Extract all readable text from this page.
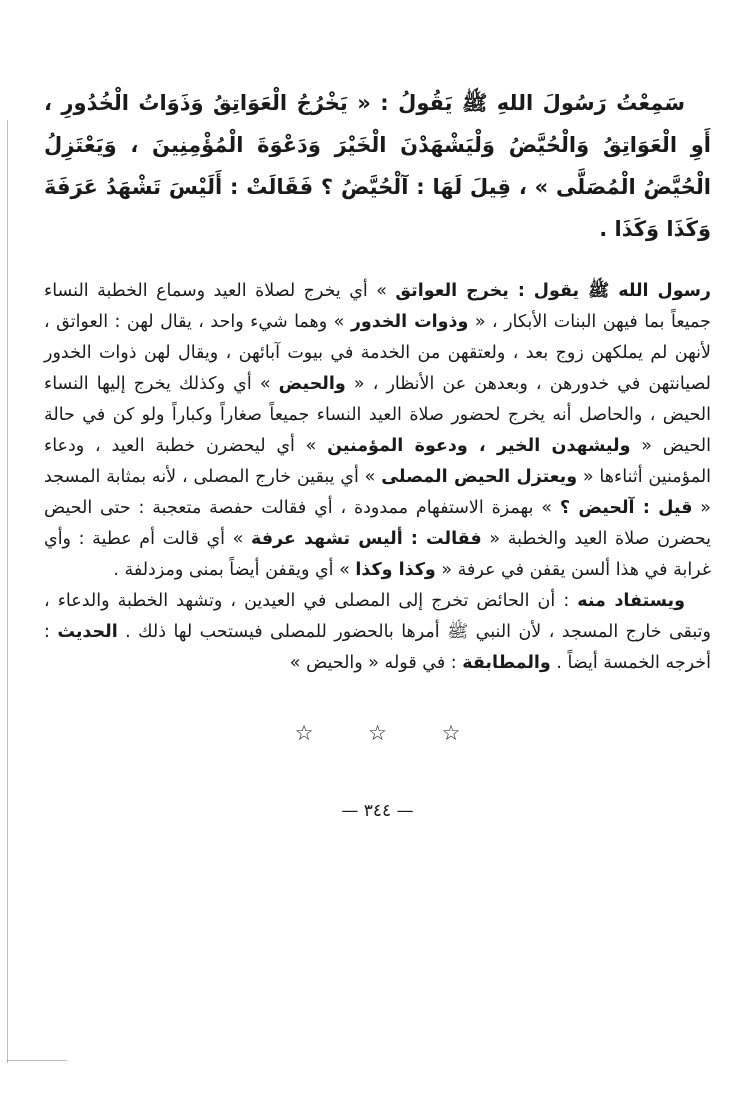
سَمِعْتُ رَسُولَ اللهِ ﷺ يَقُولُ : « يَخْرُجُ الْعَوَاتِقُ وَذَوَاتُ الْخُدُورِ ، أَوِ الْعَوَاتِقُ وَالْحُيَّضُ وَلْيَشْهَدْنَ الْخَيْرَ وَدَعْوَةَ الْمُؤْمِنِينَ ، وَيَعْتَزِلُ الْحُيَّضُ الْمُصَلَّى » ، قِيلَ لَهَا : آلْحُيَّضُ ؟ فَقَالَتْ : أَلَيْسَ تَشْهَدُ عَرَفَةَ وَكَذَا وَكَذَا .

رسول الله ﷺ يقول : يخرج العواتق » أي يخرج لصلاة العيد وسماع الخطبة النساء جميعاً بما فيهن البنات الأبكار ، « وذوات الخدور » وهما شيء واحد ، يقال لهن : العواتق ، لأنهن لم يملكهن زوج بعد ، ولعتقهن من الخدمة في بيوت آبائهن ، ويقال لهن ذوات الخدور لصيانتهن في خدورهن ، وبعدهن عن الأنظار ، « والحيض » أي وكذلك يخرج إليها النساء الحيض ، والحاصل أنه يخرج لحضور صلاة العيد النساء جميعاً صغاراً وكباراً ولو كن في حالة الحيض « وليشهدن الخير ، ودعوة المؤمنين » أي ليحضرن خطبة العيد ، ودعاء المؤمنين أثناءها « ويعتزل الحيض المصلى » أي يبقين خارج المصلى ، لأنه بمثابة المسجد « قيل : آلحيض ؟ » بهمزة الاستفهام ممدودة ، أي فقالت حفصة متعجبة : حتى الحيض يحضرن صلاة العيد والخطبة « فقالت : أليس تشهد عرفة » أي قالت أم عطية : وأي غرابة في هذا ألسن يقفن في عرفة « وكذا وكذا » أي ويقفن أيضاً بمنى ومزدلفة .

ويستفاد منه : أن الحائض تخرج إلى المصلى في العيدين ، وتشهد الخطبة والدعاء ، وتبقى خارج المسجد ، لأن النبي ﷺ أمرها بالحضور للمصلى فيستحب لها ذلك . الحديث : أخرجه الخمسة أيضاً . والمطابقة : في قوله « والحيض »

☆ ☆ ☆
— ٣٤٤ —
